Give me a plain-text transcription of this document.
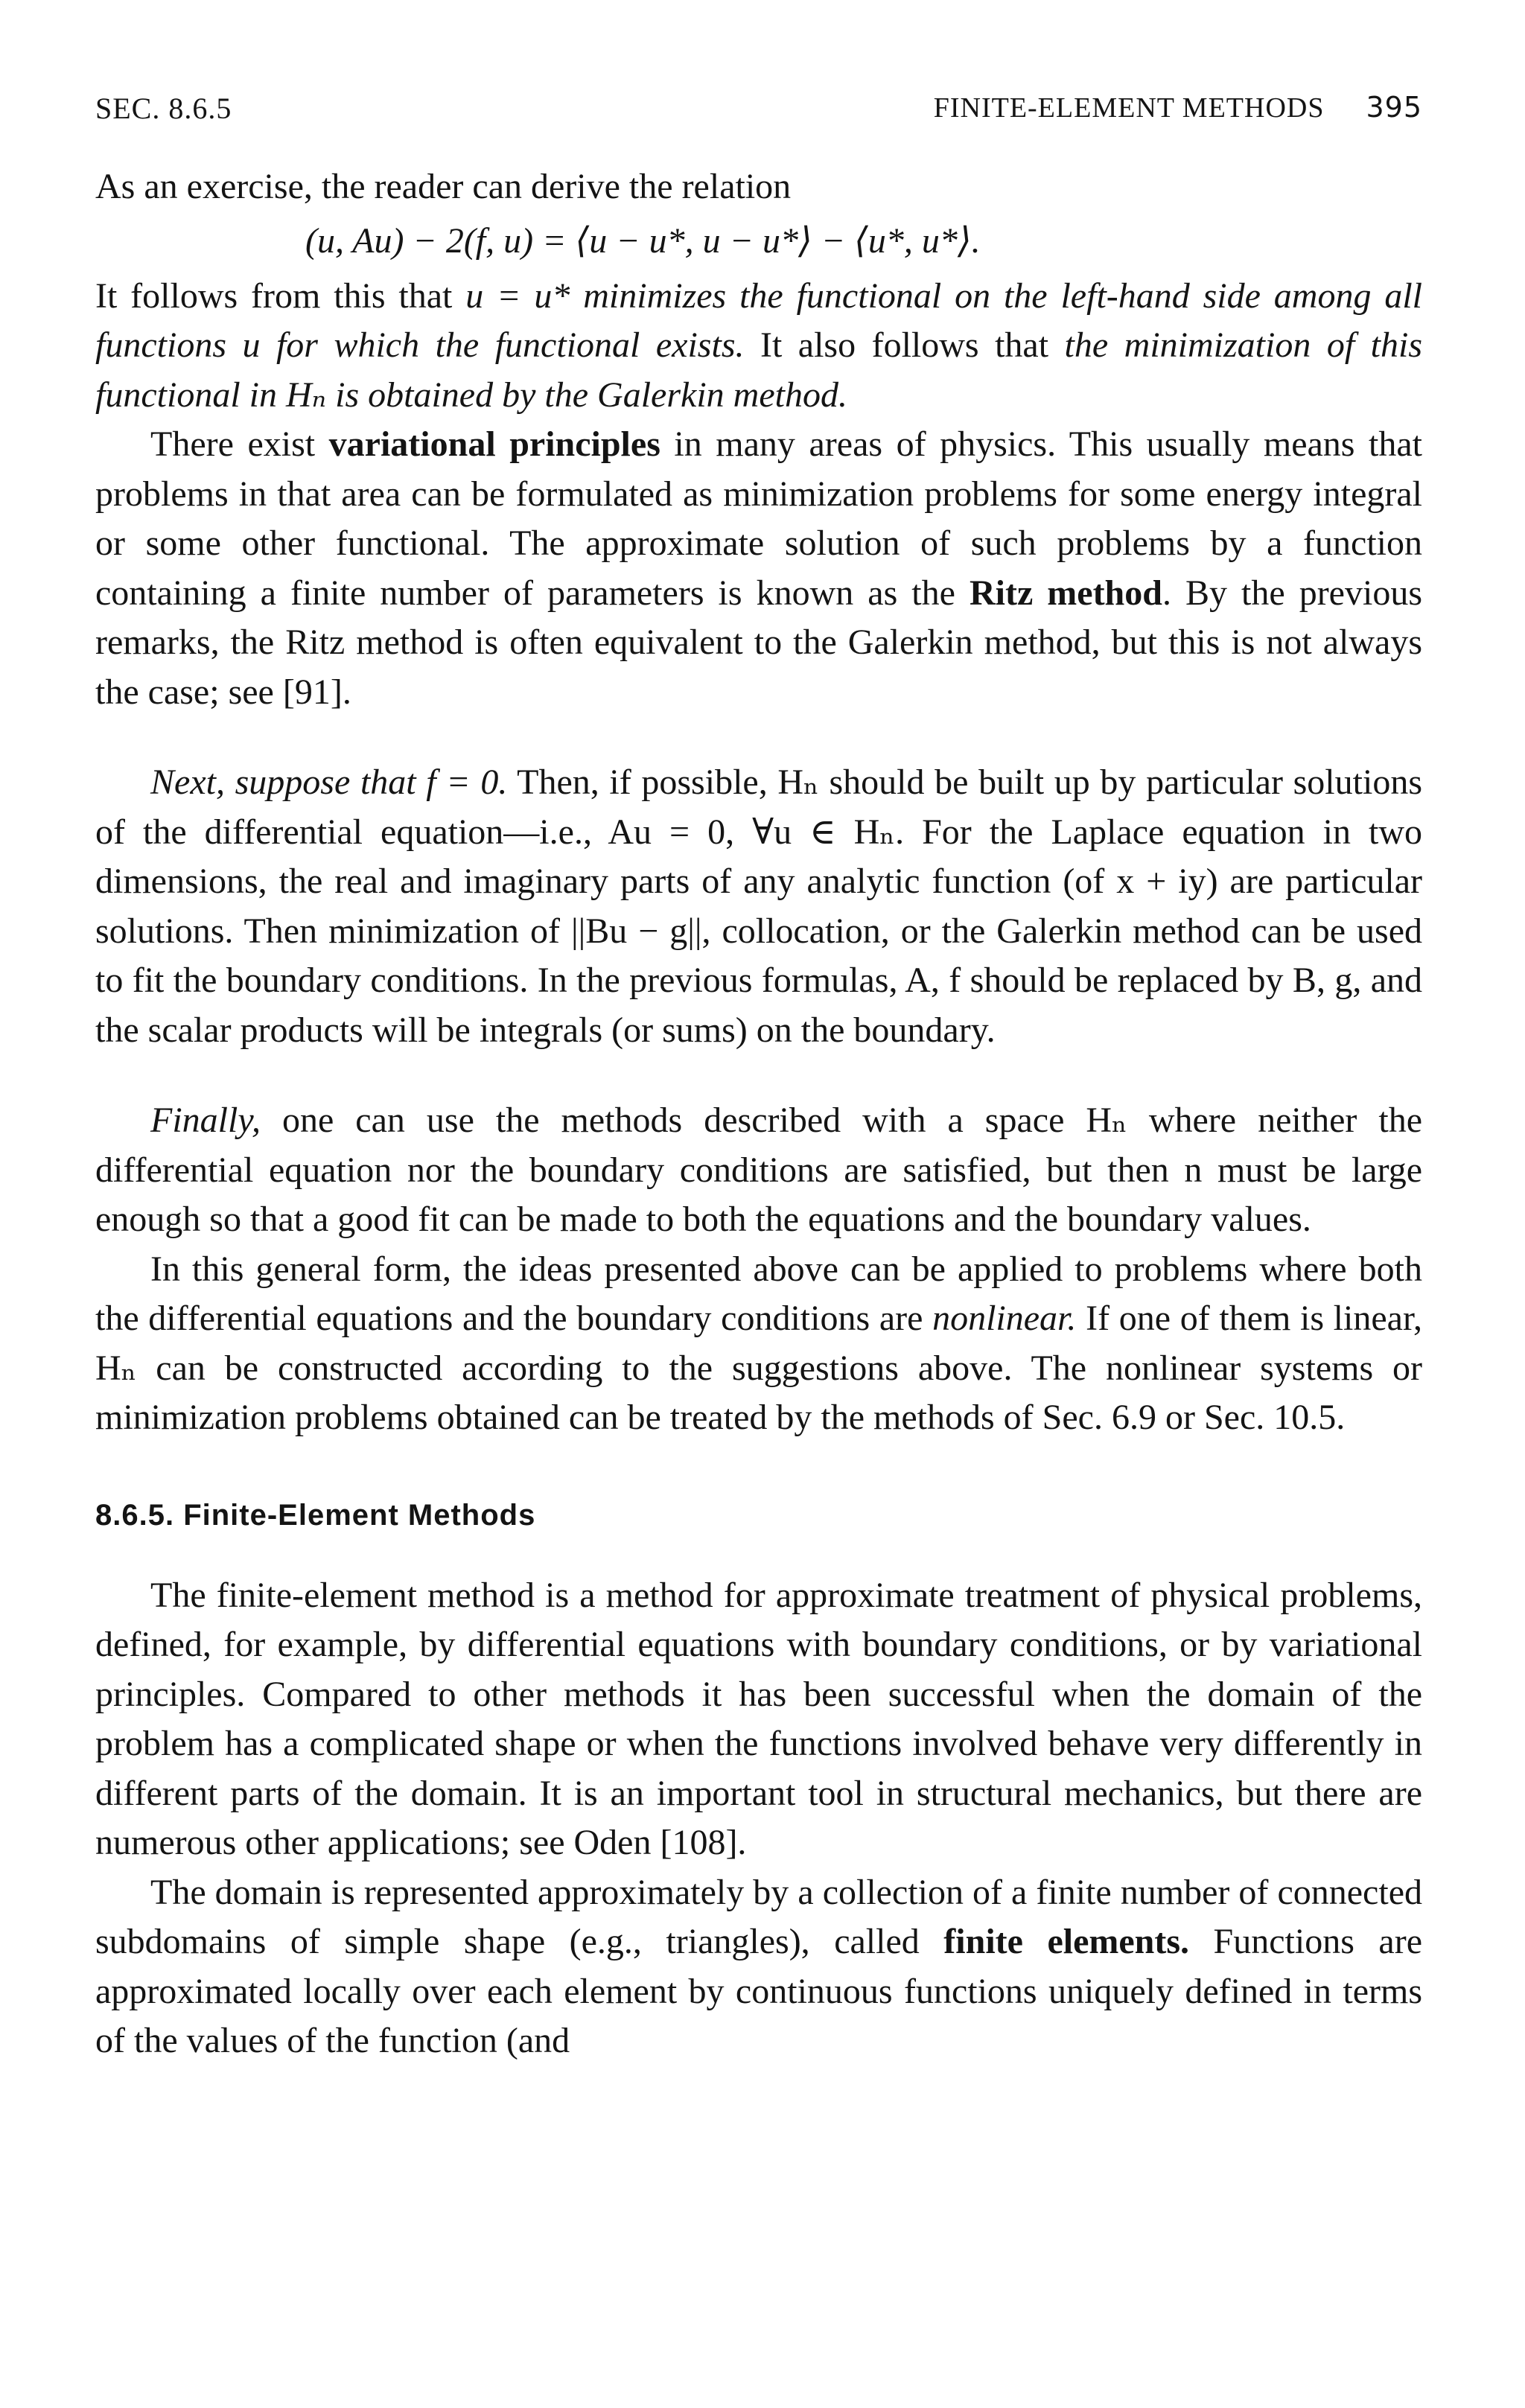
SEC. 8.6.5	FINITE-ELEMENT METHODS 395

As an exercise, the reader can derive the relation

(u, Au) − 2(f, u) = ⟨u − u*, u − u*⟩ − ⟨u*, u*⟩.

It follows from this that u = u* minimizes the functional on the left-hand side among all functions u for which the functional exists. It also follows that the minimization of this functional in Hₙ is obtained by the Galerkin method.

There exist variational principles in many areas of physics. This usually means that problems in that area can be formulated as minimization problems for some energy integral or some other functional. The approximate solution of such problems by a function containing a finite number of parameters is known as the Ritz method. By the previous remarks, the Ritz method is often equivalent to the Galerkin method, but this is not always the case; see [91].

Next, suppose that f = 0. Then, if possible, Hₙ should be built up by particular solutions of the differential equation—i.e., Au = 0, ∀u ∈ Hₙ. For the Laplace equation in two dimensions, the real and imaginary parts of any analytic function (of x + iy) are particular solutions. Then minimization of ||Bu − g||, collocation, or the Galerkin method can be used to fit the boundary conditions. In the previous formulas, A, f should be replaced by B, g, and the scalar products will be integrals (or sums) on the boundary.

Finally, one can use the methods described with a space Hₙ where neither the differential equation nor the boundary conditions are satisfied, but then n must be large enough so that a good fit can be made to both the equations and the boundary values.

In this general form, the ideas presented above can be applied to problems where both the differential equations and the boundary conditions are nonlinear. If one of them is linear, Hₙ can be constructed according to the suggestions above. The nonlinear systems or minimization problems obtained can be treated by the methods of Sec. 6.9 or Sec. 10.5.

8.6.5. Finite-Element Methods

The finite-element method is a method for approximate treatment of physical problems, defined, for example, by differential equations with boundary conditions, or by variational principles. Compared to other methods it has been successful when the domain of the problem has a complicated shape or when the functions involved behave very differently in different parts of the domain. It is an important tool in structural mechanics, but there are numerous other applications; see Oden [108].

The domain is represented approximately by a collection of a finite number of connected subdomains of simple shape (e.g., triangles), called finite elements. Functions are approximated locally over each element by continuous functions uniquely defined in terms of the values of the function (and
